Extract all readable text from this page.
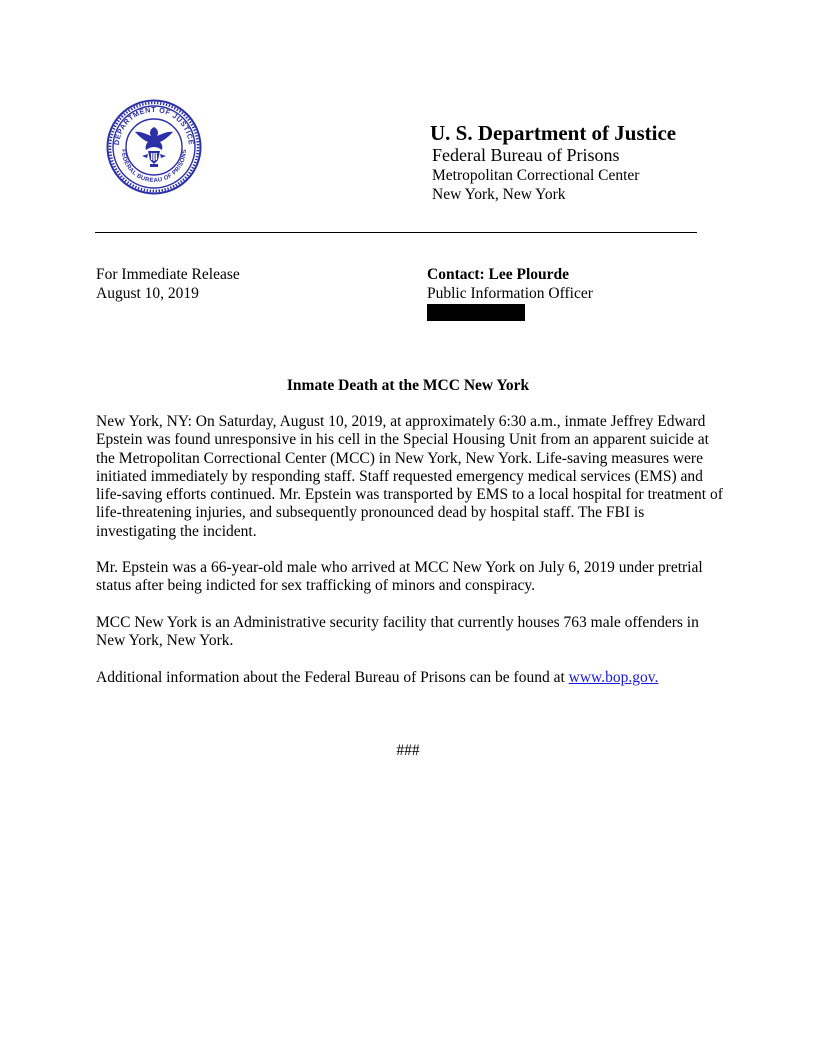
DEPARTMENT OF JUSTICE
FEDERAL BUREAU OF PRISONS
U. S. Department of Justice
Federal Bureau of Prisons
Metropolitan Correctional Center
New York, New York
For Immediate Release
August 10, 2019
Contact: Lee Plourde
Public Information Officer
Inmate Death at the MCC New York

New York, NY: On Saturday, August 10, 2019, at approximately 6:30 a.m., inmate Jeffrey Edward Epstein was found unresponsive in his cell in the Special Housing Unit from an apparent suicide at the Metropolitan Correctional Center (MCC) in New York, New York. Life-saving measures were initiated immediately by responding staff. Staff requested emergency medical services (EMS) and life-saving efforts continued. Mr. Epstein was transported by EMS to a local hospital for treatment of life-threatening injuries, and subsequently pronounced dead by hospital staff. The FBI is investigating the incident.

Mr. Epstein was a 66-year-old male who arrived at MCC New York on July 6, 2019 under pretrial status after being indicted for sex trafficking of minors and conspiracy.

MCC New York is an Administrative security facility that currently houses 763 male offenders in New York, New York.

Additional information about the Federal Bureau of Prisons can be found at www.bop.gov.

###
